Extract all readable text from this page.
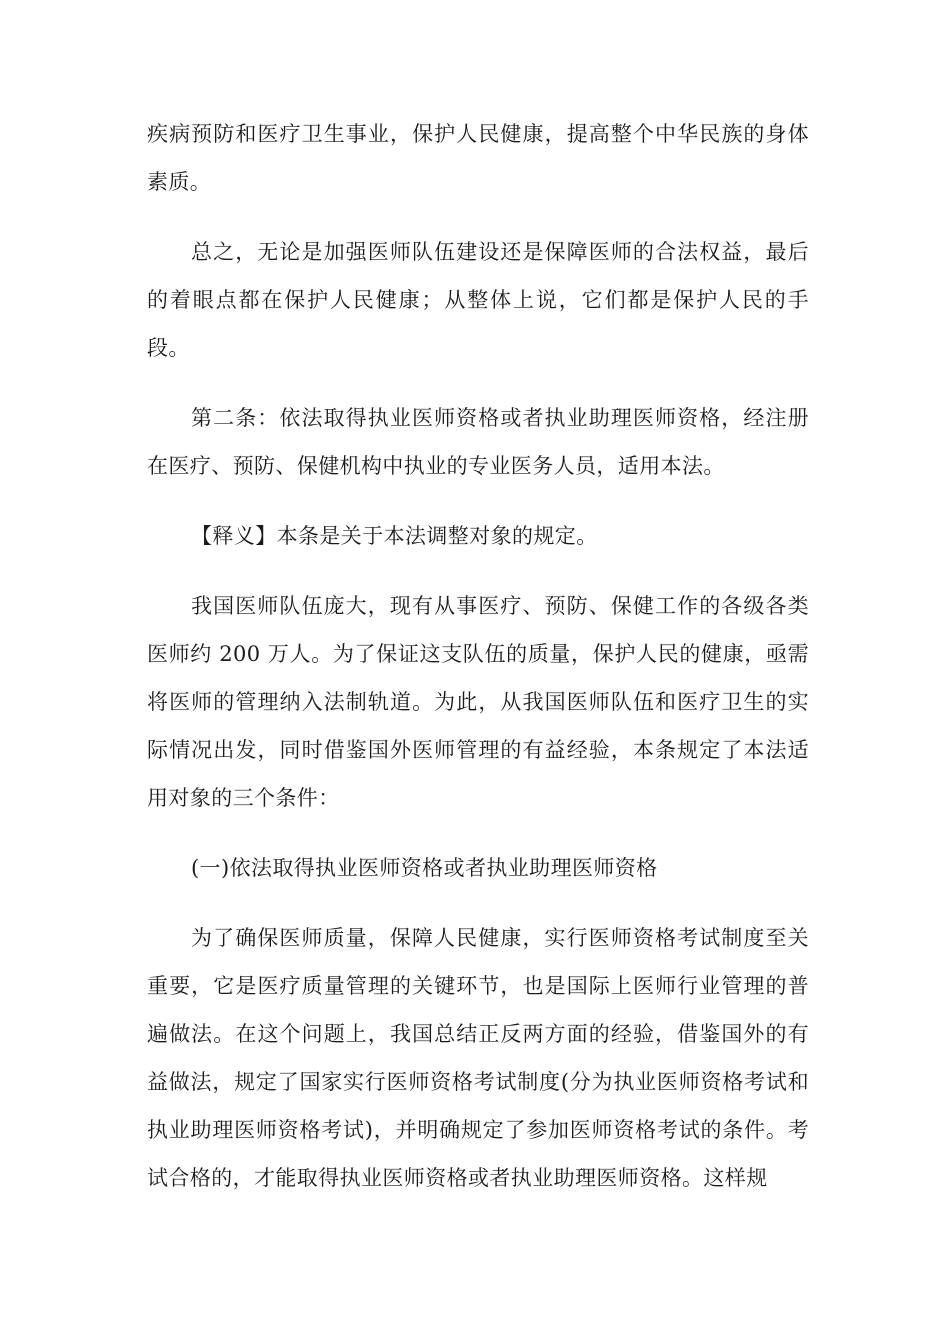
疾病预防和医疗卫生事业，保护人民健康，提高整个中华民族的身体素质。

总之，无论是加强医师队伍建设还是保障医师的合法权益，最后的着眼点都在保护人民健康；从整体上说，它们都是保护人民的手段。

第二条：依法取得执业医师资格或者执业助理医师资格，经注册在医疗、预防、保健机构中执业的专业医务人员，适用本法。

【释义】本条是关于本法调整对象的规定。

我国医师队伍庞大，现有从事医疗、预防、保健工作的各级各类医师约 200 万人。为了保证这支队伍的质量，保护人民的健康，亟需将医师的管理纳入法制轨道。为此，从我国医师队伍和医疗卫生的实际情况出发，同时借鉴国外医师管理的有益经验，本条规定了本法适用对象的三个条件：

(一)依法取得执业医师资格或者执业助理医师资格

为了确保医师质量，保障人民健康，实行医师资格考试制度至关重要，它是医疗质量管理的关键环节，也是国际上医师行业管理的普遍做法。在这个问题上，我国总结正反两方面的经验，借鉴国外的有益做法，规定了国家实行医师资格考试制度(分为执业医师资格考试和执业助理医师资格考试)，并明确规定了参加医师资格考试的条件。考试合格的，才能取得执业医师资格或者执业助理医师资格。这样规
